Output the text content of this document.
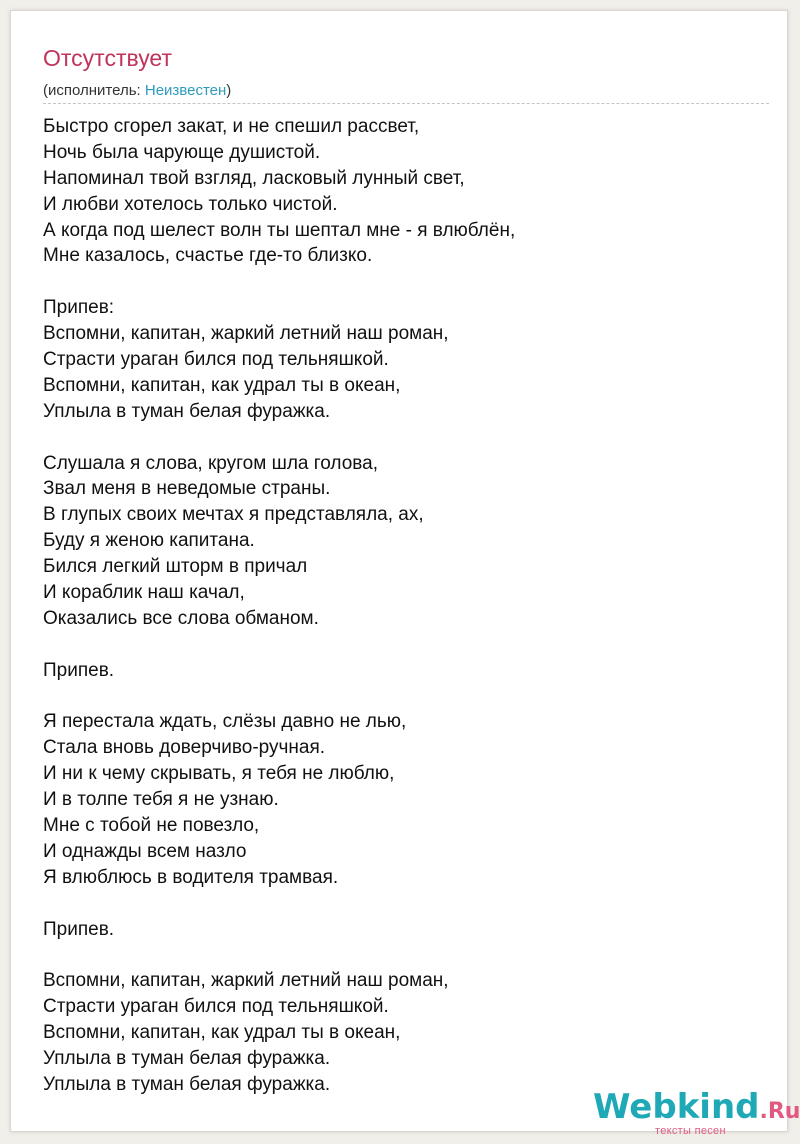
Отсутствует
(исполнитель: Неизвестен)
Быстро сгорел закат, и не спешил рассвет,
Ночь была чарующе душистой.
Напоминал твой взгляд, ласковый лунный свет,
И любви хотелось только чистой.
А когда под шелест волн ты шептал мне - я влюблён,
Мне казалось, счастье где-то близко.
Припев:
Вспомни, капитан, жаркий летний наш роман,
Страсти ураган бился под тельняшкой.
Вспомни, капитан, как удрал ты в океан,
Уплыла в туман белая фуражка.
Слушала я слова, кругом шла голова,
Звал меня в неведомые страны.
В глупых своих мечтах я представляла, ах,
Буду я женою капитана.
Бился легкий шторм в причал
И кораблик наш качал,
Оказались все слова обманом.
Припев.
Я перестала ждать, слёзы давно не лью,
Стала вновь доверчиво-ручная.
И ни к чему скрывать, я тебя не люблю,
И в толпе тебя я не узнаю.
Мне с тобой не повезло,
И однажды всем назло
Я влюблюсь в водителя трамвая.
Припев.
Вспомни, капитан, жаркий летний наш роман,
Страсти ураган бился под тельняшкой.
Вспомни, капитан, как удрал ты в океан,
Уплыла в туман белая фуражка.
Уплыла в туман белая фуражка.
Webkind.Ru
тексты песен
